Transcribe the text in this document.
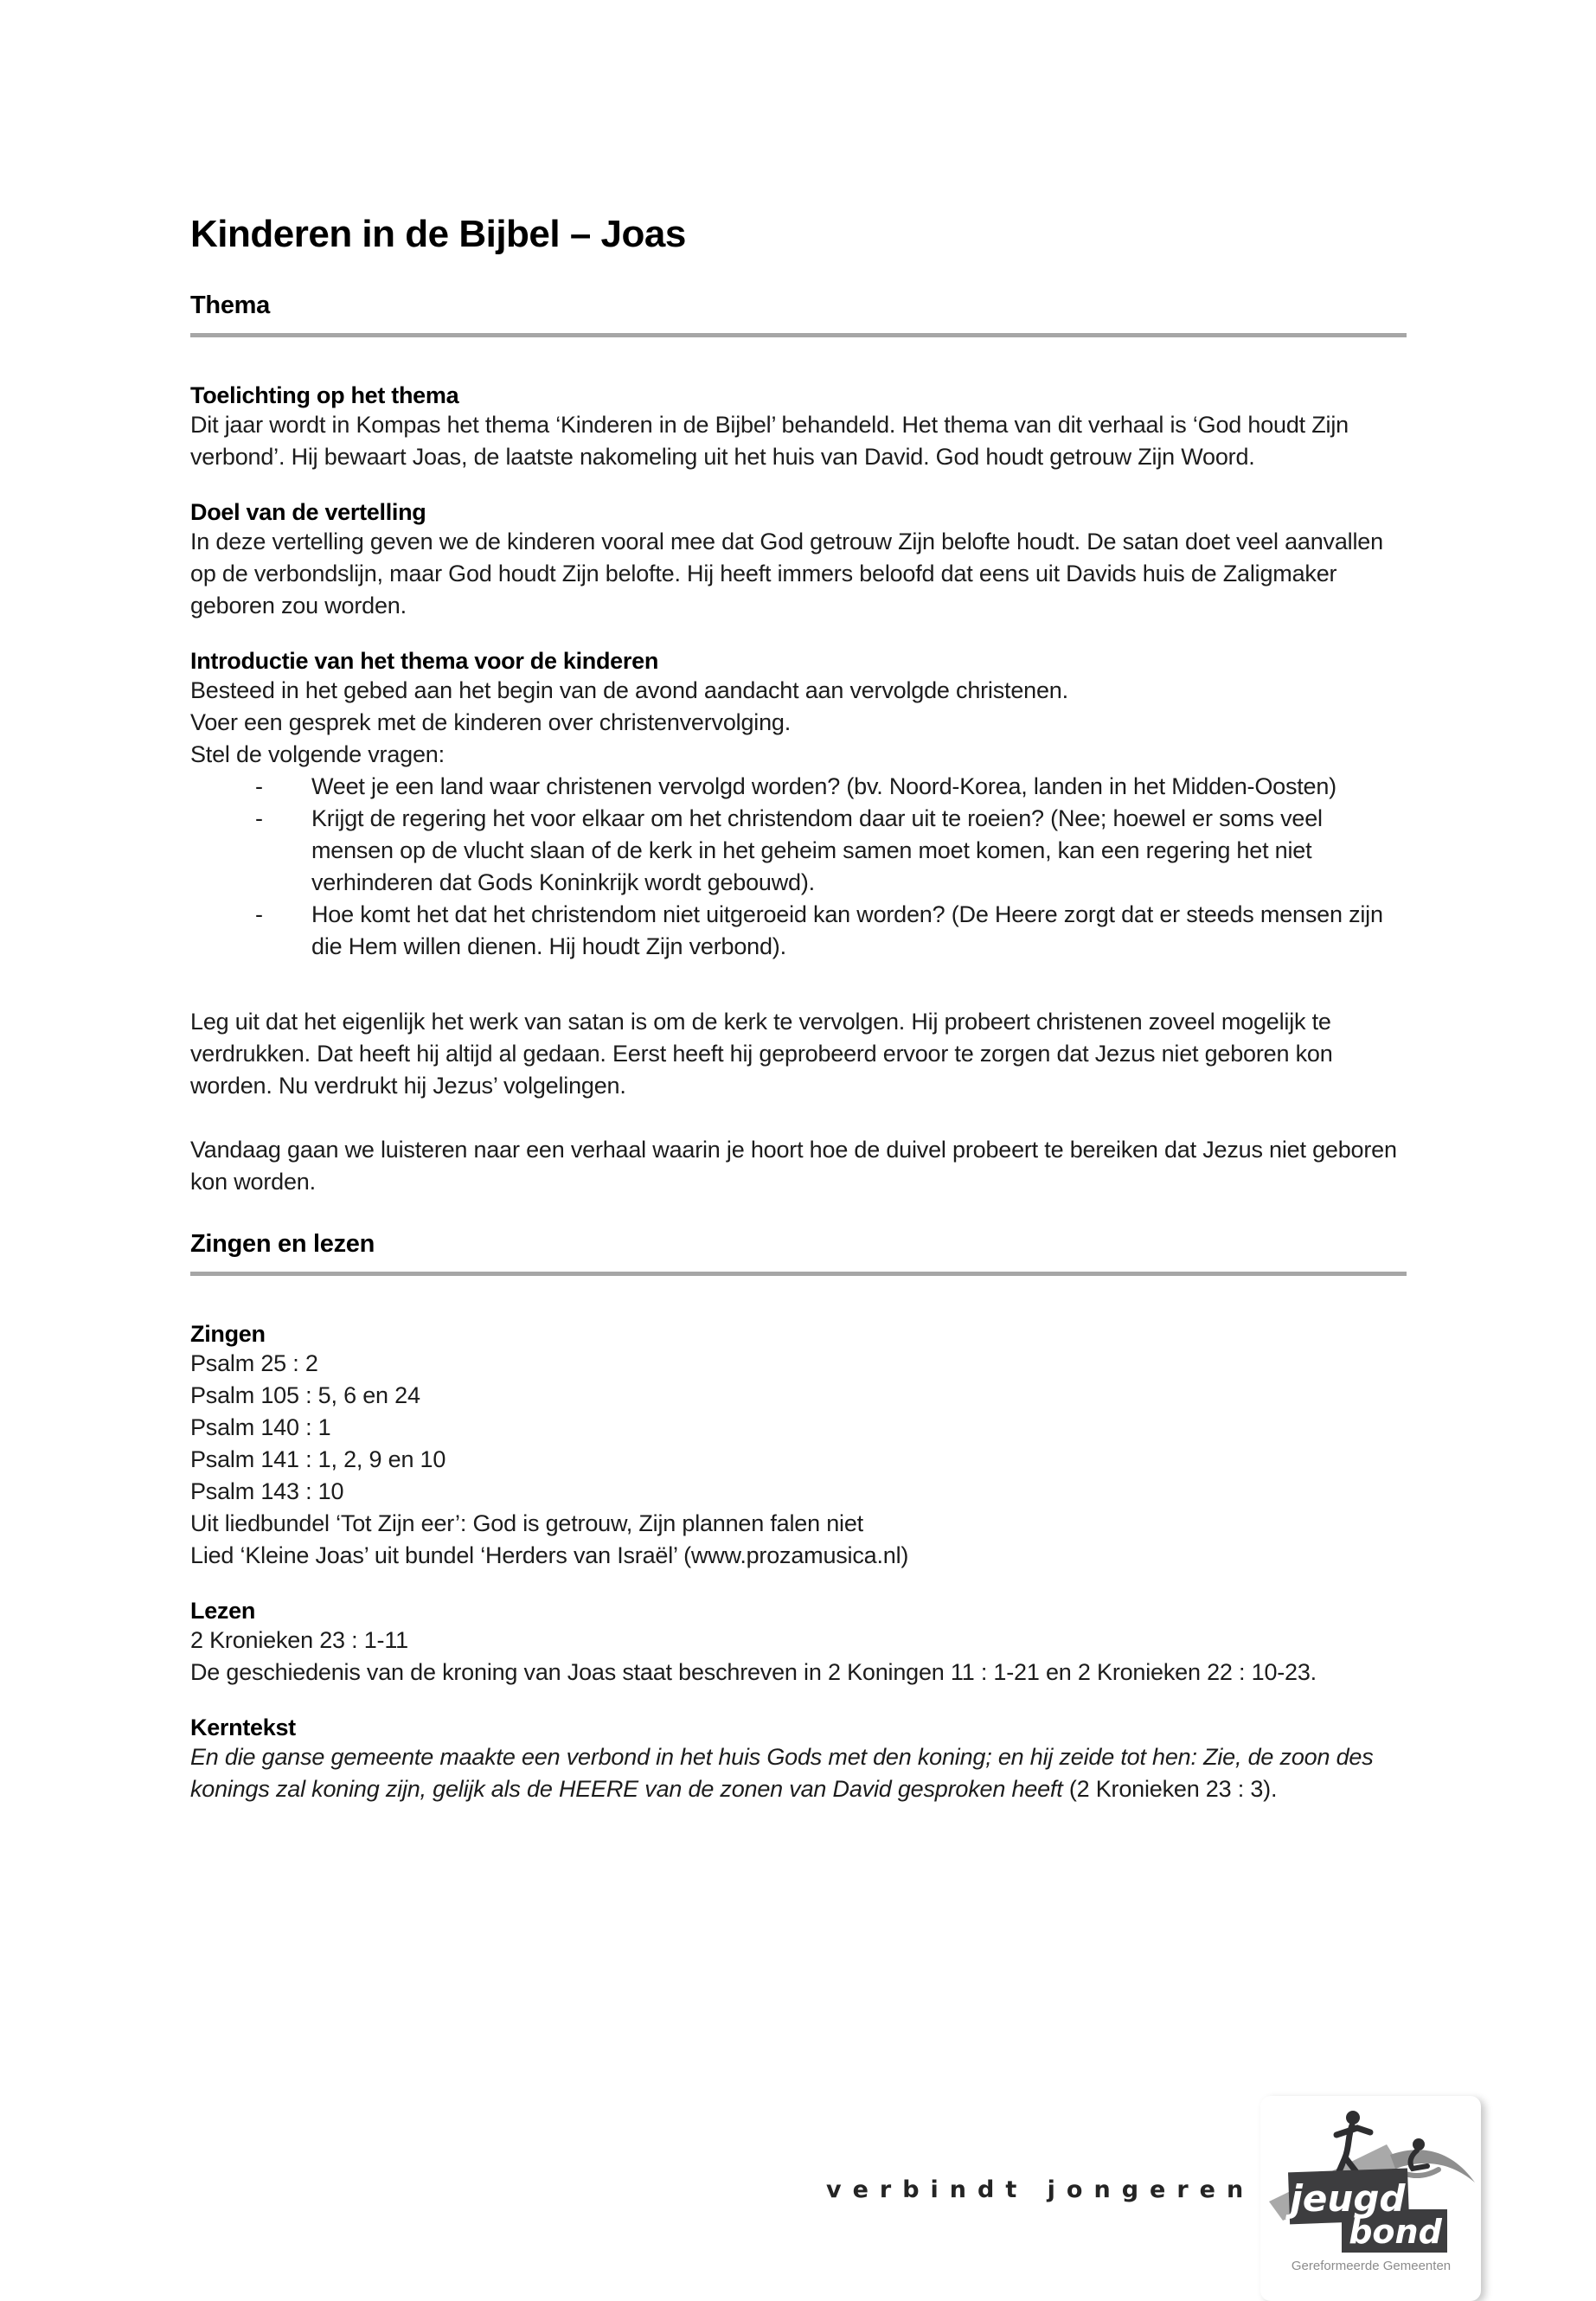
Kinderen in de Bijbel – Joas
Thema
Toelichting op het thema

Dit jaar wordt in Kompas het thema ‘Kinderen in de Bijbel’ behandeld. Het thema van dit verhaal is ‘God houdt Zijn verbond’. Hij bewaart Joas, de laatste nakomeling uit het huis van David. God houdt getrouw Zijn Woord.

Doel van de vertelling

In deze vertelling geven we de kinderen vooral mee dat God getrouw Zijn belofte houdt. De satan doet veel aanvallen op de verbondslijn, maar God houdt Zijn belofte. Hij heeft immers beloofd dat eens uit Davids huis de Zaligmaker geboren zou worden.

Introductie van het thema voor de kinderen
Besteed in het gebed aan het begin van de avond aandacht aan vervolgde christenen.
Voer een gesprek met de kinderen over christenvervolging.
Stel de volgende vragen:
-	Weet je een land waar christenen vervolgd worden? (bv. Noord-Korea, landen in het Midden-Oosten)
-	Krijgt de regering het voor elkaar om het christendom daar uit te roeien? (Nee; hoewel er soms veel mensen op de vlucht slaan of de kerk in het geheim samen moet komen, kan een regering het niet verhinderen dat Gods Koninkrijk wordt gebouwd).
-	Hoe komt het dat het christendom niet uitgeroeid kan worden? (De Heere zorgt dat er steeds mensen zijn die Hem willen dienen. Hij houdt Zijn verbond).

Leg uit dat het eigenlijk het werk van satan is om de kerk te vervolgen. Hij probeert christenen zoveel mogelijk te verdrukken. Dat heeft hij altijd al gedaan. Eerst heeft hij geprobeerd ervoor te zorgen dat Jezus niet geboren kon worden. Nu verdrukt hij Jezus’ volgelingen.

Vandaag gaan we luisteren naar een verhaal waarin je hoort hoe de duivel probeert te bereiken dat Jezus niet geboren kon worden.

Zingen en lezen
Zingen
Psalm 25 : 2
Psalm 105 : 5, 6 en 24
Psalm 140 : 1
Psalm 141 : 1, 2, 9 en 10
Psalm 143 : 10
Uit liedbundel ‘Tot Zijn eer’: God is getrouw, Zijn plannen falen niet
Lied ‘Kleine Joas’ uit bundel ‘Herders van Israël’ (www.prozamusica.nl)
Lezen
2 Kronieken 23 : 1-11

De geschiedenis van de kroning van Joas staat beschreven in 2 Koningen 11 : 1-21 en 2 Kronieken 22 : 10-23.

Kerntekst

En die ganse gemeente maakte een verbond in het huis Gods met den koning; en hij zeide tot hen: Zie, de zoon des konings zal koning zijn, gelijk als de HEERE van de zonen van David gesproken heeft (2 Kronieken 23 : 3).

verbindt jongeren jeugd
bond
Gereformeerde Gemeenten
